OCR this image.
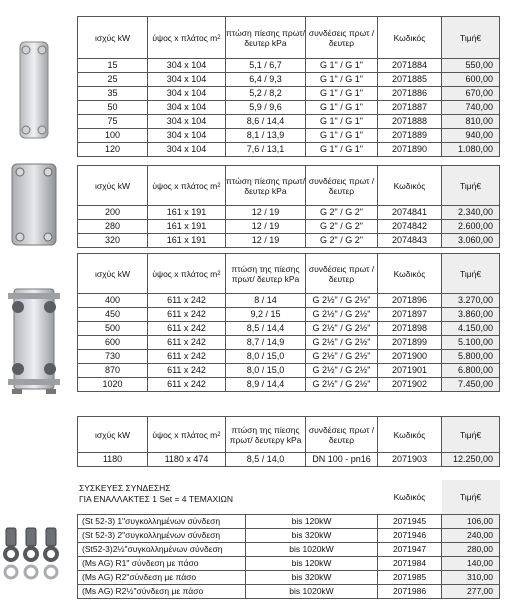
ισχύς kW	ύψος x πλάτος $m^2$	πτώση πίεσης πρωτ/δευτερ kPa	συνδέσεις πρωτ / δευτερ	Κωδικός	Τιμή€
15	304 x 104	5,1 / 6,7	G 1" / G 1"	2071884	550,00
25	304 x 104	6,4 / 9,3	G 1" / G 1"	2071885	600,00
35	304 x 104	5,2 / 8,2	G 1" / G 1"	2071886	670,00
50	304 x 104	5,9 / 9,6	G 1" / G 1"	2071887	740,00
75	304 x 104	8,6 / 14,4	G 1" / G 1"	2071888	810,00
100	304 x 104	8,1 / 13,9	G 1" / G 1"	2071889	940,00
120	304 x 104	7,6 / 13,1	G 1" / G 1"	2071890	1.080,00
ισχύς kW	ύψος x πλάτος $m^2$	πτώση πίεσης πρωτ/ δευτερ kPa	συνδέσεις πρωτ / δευτερ	Κωδικός	Τιμή€
200	161 x 191	12 / 19	G 2" / G 2"	2074841	2.340,00
280	161 x 191	12 / 19	G 2" / G 2"	2074842	2.600,00
320	161 x 191	12 / 19	G 2" / G 2"	2074843	3.060,00
ισχύς kW	ύψος x πλάτος $m^2$	πτώση της πίεσης πρωτ/ δευτερ kPa	συνδέσεις πρωτ / δευτερ	Κωδικός	Τιμή€
400	611 x 242	8 / 14	G 2½" / G 2½"	2071896	3.270,00
450	611 x 242	9,2 / 15	G 2½" / G 2½"	2071897	3.860,00
500	611 x 242	8,5 / 14,4	G 2½" / G 2½"	2071898	4.150,00
600	611 x 242	8,7 / 14,9	G 2½" / G 2½"	2071899	5.100,00
730	611 x 242	8,0 / 15,0	G 2½" / G 2½"	2071900	5.800,00
870	611 x 242	8,0 / 15,0	G 2½" / G 2½"	2071901	6.800,00
1020	611 x 242	8,9 / 14,4	G 2½" / G 2½"	2071902	7.450,00
ισχύς kW	ύψος x πλάτος $m^2$	πτώση της πίεσης πρωτ/ δευτεργ kPa	συνδέσεις πρωτ / δευτερ	Κωδικός	Τιμή€
1180	1180 x 474	8,5 / 14,0	DN 100 - pn16	2071903	12.250,00
ΣΥΣΚΕΥΕΣ ΣΥΝΔΕΣΗΣ
ΓΙΑ ΕΝΑΛΛΑΚΤΕΣ 1 Set = 4 ΤΕΜΑΧΙΩΝ
			Κωδικός	Τιμή€
(St 52-3) 1"συγκολλημένων σύνδεση	bis 120kW	2071945	106,00
(St 52-3) 2"συγκολλημένων σύνδεση	bis 320kW	2071946	240,00
(St52-3)2½"συγκολλημένων σύνδεση	bis 1020kW	2071947	280,00
(Ms AG) R1" σύνδεση με πάσο	bis 120kW	2071984	140,00
(Ms AG) R2"σύνδεση με πάσο	bis 320kW	2071985	310,00
(Ms AG) R2½"σύνδεση με πάσο	bis 1020kW	2071986	277,00
